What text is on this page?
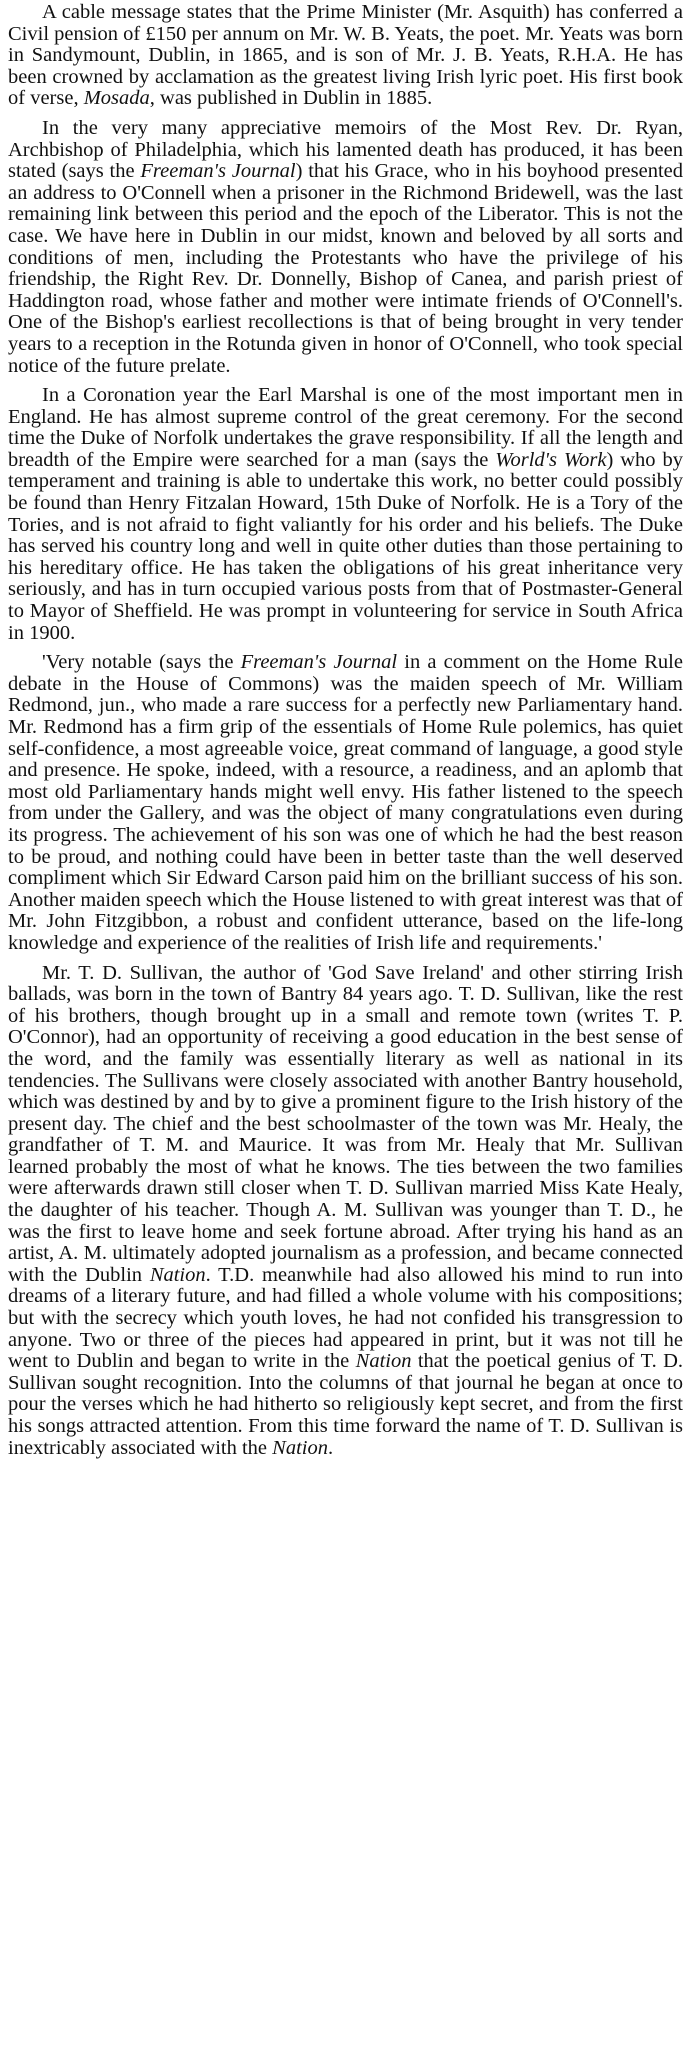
A cable message states that the Prime Minister (Mr. Asquith) has conferred a Civil pension of £150 per annum on Mr. W. B. Yeats, the poet. Mr. Yeats was born in Sandymount, Dublin, in 1865, and is son of Mr. J. B. Yeats, R.H.A. He has been crowned by acclamation as the greatest living Irish lyric poet. His first book of verse, Mosada, was published in Dublin in 1885.

In the very many appreciative memoirs of the Most Rev. Dr. Ryan, Archbishop of Philadelphia, which his lamented death has produced, it has been stated (says the Freeman's Journal) that his Grace, who in his boyhood presented an address to O'Connell when a prisoner in the Richmond Bridewell, was the last remaining link between this period and the epoch of the Liberator. This is not the case. We have here in Dublin in our midst, known and beloved by all sorts and conditions of men, including the Protestants who have the privilege of his friendship, the Right Rev. Dr. Donnelly, Bishop of Canea, and parish priest of Haddington road, whose father and mother were intimate friends of O'Connell's. One of the Bishop's earliest recollections is that of being brought in very tender years to a reception in the Rotunda given in honor of O'Connell, who took special notice of the future prelate.

In a Coronation year the Earl Marshal is one of the most important men in England. He has almost supreme control of the great ceremony. For the second time the Duke of Norfolk undertakes the grave responsibility. If all the length and breadth of the Empire were searched for a man (says the World's Work) who by temperament and training is able to undertake this work, no better could possibly be found than Henry Fitzalan Howard, 15th Duke of Norfolk. He is a Tory of the Tories, and is not afraid to fight valiantly for his order and his beliefs. The Duke has served his country long and well in quite other duties than those pertaining to his hereditary office. He has taken the obligations of his great inheritance very seriously, and has in turn occupied various posts from that of Postmaster-General to Mayor of Sheffield. He was prompt in volunteering for service in South Africa in 1900.

'Very notable (says the Freeman's Journal in a comment on the Home Rule debate in the House of Commons) was the maiden speech of Mr. William Redmond, jun., who made a rare success for a perfectly new Parliamentary hand. Mr. Redmond has a firm grip of the essentials of Home Rule polemics, has quiet self-confidence, a most agreeable voice, great command of language, a good style and presence. He spoke, indeed, with a resource, a readiness, and an aplomb that most old Parliamentary hands might well envy. His father listened to the speech from under the Gallery, and was the object of many congratulations even during its progress. The achievement of his son was one of which he had the best reason to be proud, and nothing could have been in better taste than the well deserved compliment which Sir Edward Carson paid him on the brilliant success of his son. Another maiden speech which the House listened to with great interest was that of Mr. John Fitzgibbon, a robust and confident utterance, based on the life-long knowledge and experience of the realities of Irish life and requirements.'

Mr. T. D. Sullivan, the author of 'God Save Ireland' and other stirring Irish ballads, was born in the town of Bantry 84 years ago. T. D. Sullivan, like the rest of his brothers, though brought up in a small and remote town (writes T. P. O'Connor), had an opportunity of receiving a good education in the best sense of the word, and the family was essentially literary as well as national in its tendencies. The Sullivans were closely associated with another Bantry household, which was destined by and by to give a prominent figure to the Irish history of the present day. The chief and the best schoolmaster of the town was Mr. Healy, the grandfather of T. M. and Maurice. It was from Mr. Healy that Mr. Sullivan learned probably the most of what he knows. The ties between the two families were afterwards drawn still closer when T. D. Sullivan married Miss Kate Healy, the daughter of his teacher. Though A. M. Sullivan was younger than T. D., he was the first to leave home and seek fortune abroad. After trying his hand as an artist, A. M. ultimately adopted journalism as a profession, and became connected with the Dublin Nation. T.D. meanwhile had also allowed his mind to run into dreams of a literary future, and had filled a whole volume with his compositions; but with the secrecy which youth loves, he had not confided his transgression to anyone. Two or three of the pieces had appeared in print, but it was not till he went to Dublin and began to write in the Nation that the poetical genius of T. D. Sullivan sought recognition. Into the columns of that journal he began at once to pour the verses which he had hitherto so religiously kept secret, and from the first his songs attracted attention. From this time forward the name of T. D. Sullivan is inextricably associated with the Nation.
